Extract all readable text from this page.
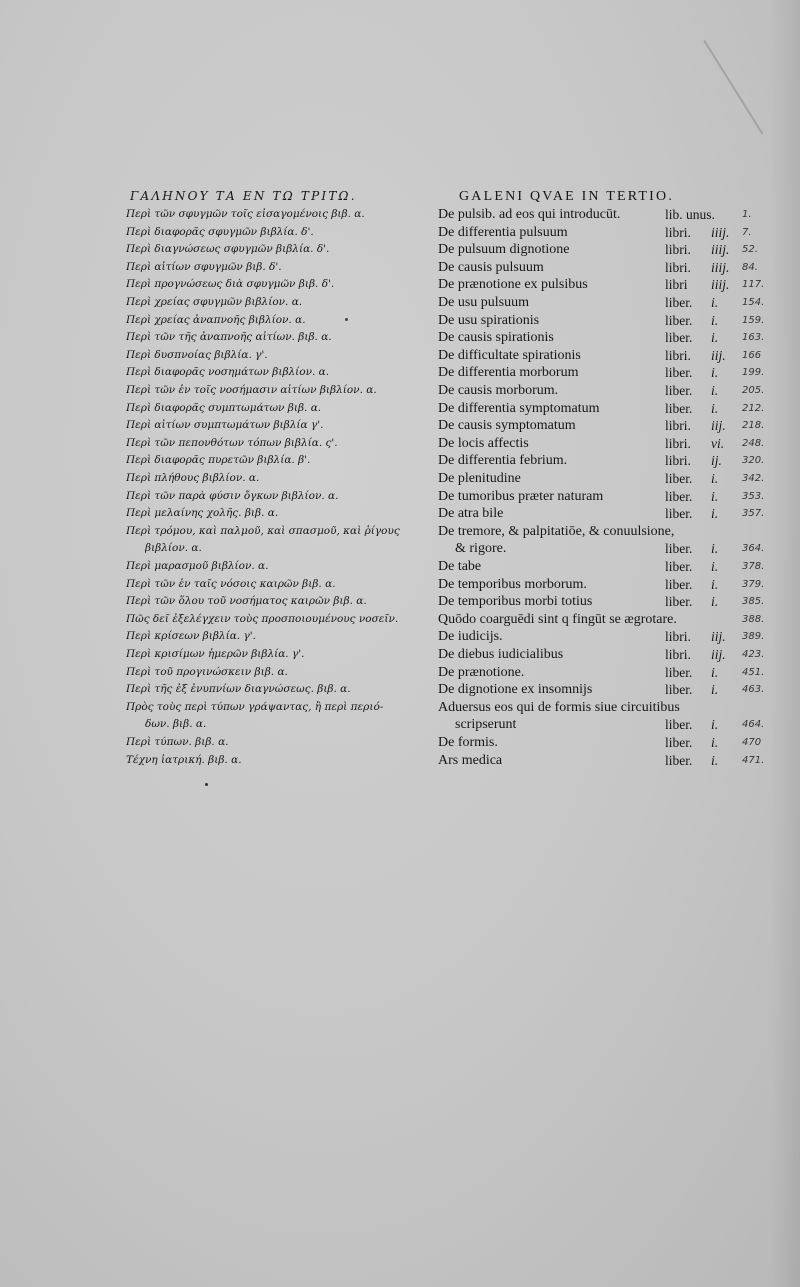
ΓΑΛΗΝΟΥ ΤΑ ΕΝ ΤΩ ΤΡΙΤΩ.	GALENI QVAE IN TERTIO.
Περὶ τῶν σφυγμῶν τοῖς εἰσαγομένοις βιβ. α.	De pulsib. ad eos qui introducūt.	lib. unus.	1.
Περὶ διαφορᾶς σφυγμῶν βιβλία. δ'.	De differentia pulsuum	libri.	iiij.	7.
Περὶ διαγνώσεως σφυγμῶν βιβλία. δ'.	De pulsuum dignotione	libri.	iiij.	52.
Περὶ αἰτίων σφυγμῶν βιβ. δ'.	De causis pulsuum	libri.	iiij.	84.
Περὶ προγνώσεως διὰ σφυγμῶν βιβ. δ'.	De prænotione ex pulsibus	libri	iiij.	117.
Περὶ χρείας σφυγμῶν βιβλίον. α.	De usu pulsuum	liber.	i.	154.
Περὶ χρείας ἀναπνοῆς βιβλίον. α.	De usu spirationis	liber.	i.	159.
Περὶ τῶν τῆς ἀναπνοῆς αἰτίων. βιβ. α.	De causis spirationis	liber.	i.	163.
Περὶ δυσπνοίας βιβλία. γ'.	De difficultate spirationis	libri.	iij.	166
Περὶ διαφορᾶς νοσημάτων βιβλίον. α.	De differentia morborum	liber.	i.	199.
Περὶ τῶν ἐν τοῖς νοσήμασιν αἰτίων βιβλίον. α.	De causis morborum.	liber.	i.	205.
Περὶ διαφορᾶς συμπτωμάτων βιβ. α.	De differentia symptomatum	liber.	i.	212.
Περὶ αἰτίων συμπτωμάτων βιβλία γ'.	De causis symptomatum	libri.	iij.	218.
Περὶ τῶν πεπονθότων τόπων βιβλία. ς'.	De locis affectis	libri.	vi.	248.
Περὶ διαφορᾶς πυρετῶν βιβλία. β'.	De differentia febrium.	libri.	ij.	320.
Περὶ πλήθους βιβλίον. α.	De plenitudine	liber.	i.	342.
Περὶ τῶν παρὰ φύσιν ὄγκων βιβλίον. α.	De tumoribus præter naturam	liber.	i.	353.
Περὶ μελαίνης χολῆς. βιβ. α.	De atra bile	liber.	i.	357.
Περὶ τρόμου, καὶ παλμοῦ, καὶ σπασμοῦ, καὶ ῥίγους	De tremore, & palpitatiōe, & conuulsione,
βιβλίον. α.	& rigore.	liber.	i.	364.
Περὶ μαρασμοῦ βιβλίον. α.	De tabe	liber.	i.	378.
Περὶ τῶν ἐν ταῖς νόσοις καιρῶν βιβ. α.	De temporibus morborum.	liber.	i.	379.
Περὶ τῶν ὅλου τοῦ νοσήματος καιρῶν βιβ. α.	De temporibus morbi totius	liber.	i.	385.
Πῶς δεῖ ἐξελέγχειν τοὺς προσποιουμένους νοσεῖν.	Quōdo coarguēdi sint q fingūt se ægrotare.	388.
Περὶ κρίσεων βιβλία. γ'.	De iudicijs.	libri.	iij.	389.
Περὶ κρισίμων ἡμερῶν βιβλία. γ'.	De diebus iudicialibus	libri.	iij.	423.
Περὶ τοῦ προγινώσκειν βιβ. α.	De prænotione.	liber.	i.	451.
Περὶ τῆς ἐξ ἐνυπνίων διαγνώσεως. βιβ. α.	De dignotione ex insomnijs	liber.	i.	463.
Πρὸς τοὺς περὶ τύπων γράψαντας, ἢ περὶ περιό-	Aduersus eos qui de formis siue circuitibus
δων. βιβ. α.	scripserunt	liber.	i.	464.
Περὶ τύπων. βιβ. α.	De formis.	liber.	i.	470
Τέχνη ἰατρική. βιβ. α.	Ars medica	liber.	i.	471.
